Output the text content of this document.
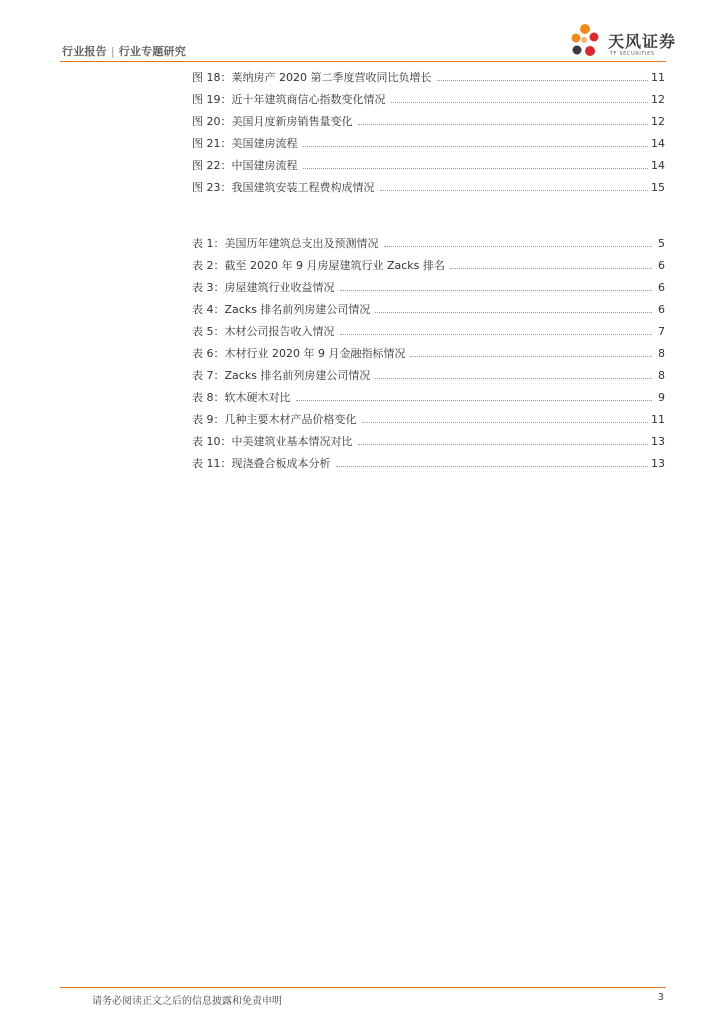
行业报告 | 行业专题研究
天风证券
TF SECURITIES
图 18： 莱纳房产 2020 第二季度营收同比负增长	11
图 19： 近十年建筑商信心指数变化情况	12
图 20： 美国月度新房销售量变化	12
图 21： 美国建房流程	14
图 22： 中国建房流程	14
图 23： 我国建筑安装工程费构成情况	15
表 1： 美国历年建筑总支出及预测情况	5
表 2： 截至 2020 年 9 月房屋建筑行业 Zacks 排名	6
表 3： 房屋建筑行业收益情况	6
表 4： Zacks 排名前列房建公司情况	6
表 5： 木材公司报告收入情况	7
表 6： 木材行业 2020 年 9 月金融指标情况	8
表 7： Zacks 排名前列房建公司情况	8
表 8： 软木硬木对比	9
表 9： 几种主要木材产品价格变化	11
表 10： 中美建筑业基本情况对比	13
表 11： 现浇叠合板成本分析	13
请务必阅读正文之后的信息披露和免责申明	3
